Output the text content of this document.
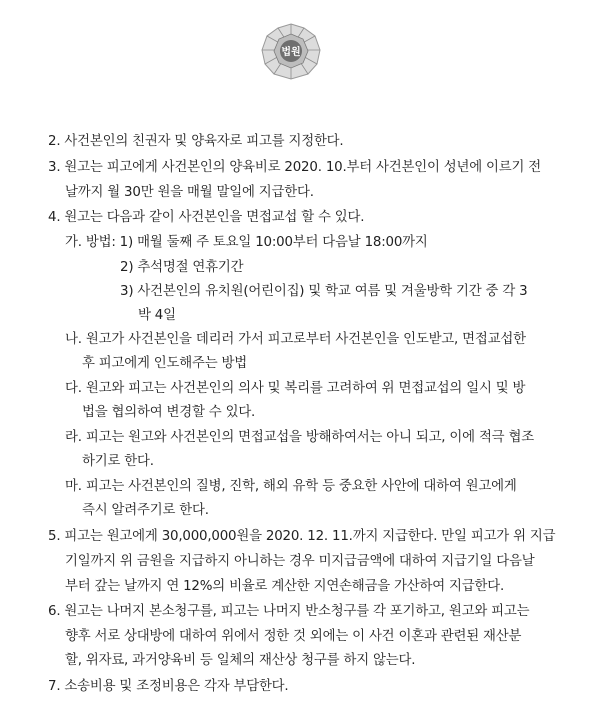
법원
2. 사건본인의 친권자 및 양육자로 피고를 지정한다.
3. 원고는 피고에게 사건본인의 양육비로 2020. 10.부터 사건본인이 성년에 이르기 전
날까지 월 30만 원을 매월 말일에 지급한다.
4. 원고는 다음과 같이 사건본인을 면접교섭 할 수 있다.
가. 방법: 1) 매월 둘째 주 토요일 10:00부터 다음날 18:00까지
2) 추석명절 연휴기간
3) 사건본인의 유치원(어린이집) 및 학교 여름 및 겨울방학 기간 중 각 3
박 4일
나. 원고가 사건본인을 데리러 가서 피고로부터 사건본인을 인도받고, 면접교섭한
후 피고에게 인도해주는 방법
다. 원고와 피고는 사건본인의 의사 및 복리를 고려하여 위 면접교섭의 일시 및 방
법을 협의하여 변경할 수 있다.
라. 피고는 원고와 사건본인의 면접교섭을 방해하여서는 아니 되고, 이에 적극 협조
하기로 한다.
마. 피고는 사건본인의 질병, 진학, 해외 유학 등 중요한 사안에 대하여 원고에게
즉시 알려주기로 한다.
5. 피고는 원고에게 30,000,000원을 2020. 12. 11.까지 지급한다. 만일 피고가 위 지급
기일까지 위 금원을 지급하지 아니하는 경우 미지급금액에 대하여 지급기일 다음날
부터 갚는 날까지 연 12%의 비율로 계산한 지연손해금을 가산하여 지급한다.
6. 원고는 나머지 본소청구를, 피고는 나머지 반소청구를 각 포기하고, 원고와 피고는
향후 서로 상대방에 대하여 위에서 정한 것 외에는 이 사건 이혼과 관련된 재산분
할, 위자료, 과거양육비 등 일체의 재산상 청구를 하지 않는다.
7. 소송비용 및 조정비용은 각자 부담한다.
